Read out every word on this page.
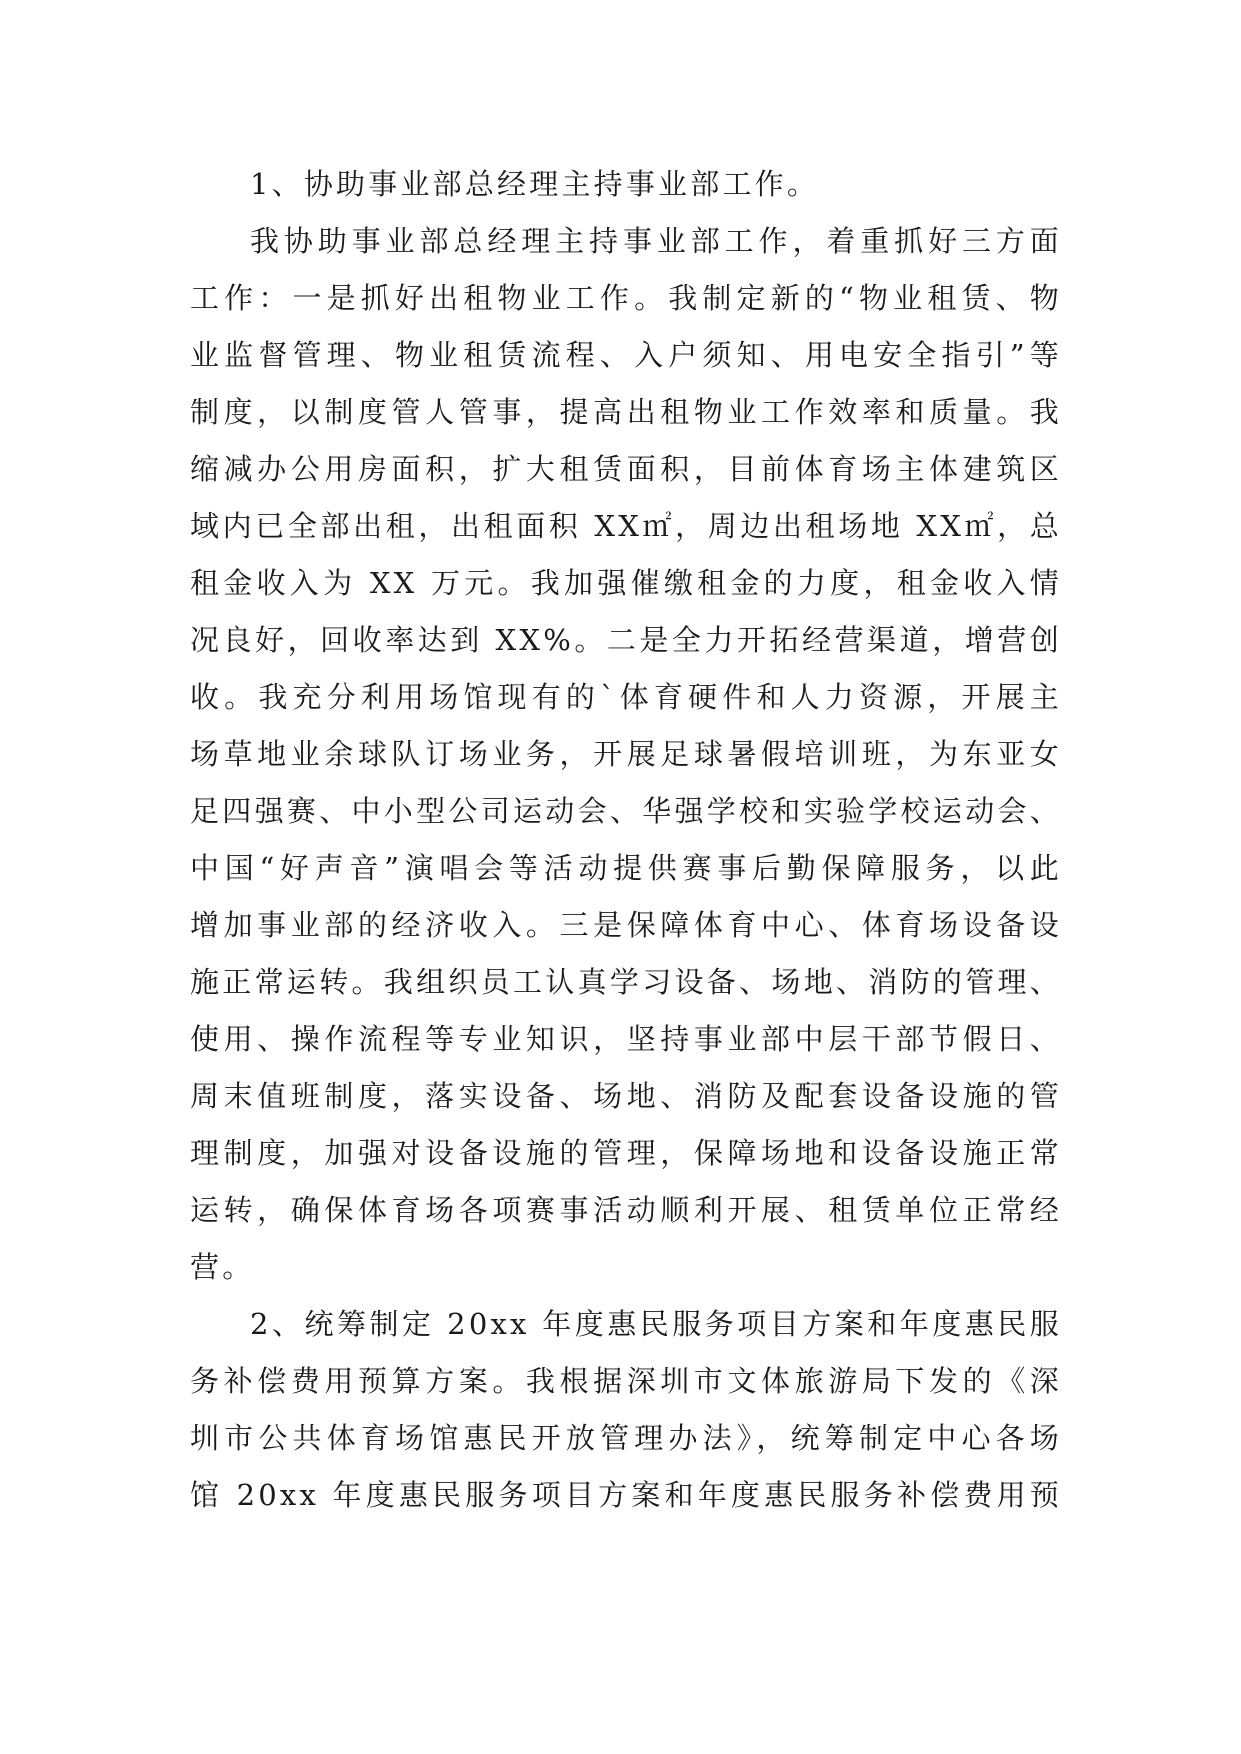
1、协助事业部总经理主持事业部工作。
我协助事业部总经理主持事业部工作，着重抓好三方面
工作：一是抓好出租物业工作。我制定新的“物业租赁、物
业监督管理、物业租赁流程、入户须知、用电安全指引”等
制度，以制度管人管事，提高出租物业工作效率和质量。我
缩减办公用房面积，扩大租赁面积，目前体育场主体建筑区
域内已全部出租，出租面积 XX㎡，周边出租场地 XX㎡，总
租金收入为 XX 万元。我加强催缴租金的力度，租金收入情
况良好，回收率达到 XX%。二是全力开拓经营渠道，增营创
收。我充分利用场馆现有的`体育硬件和人力资源，开展主
场草地业余球队订场业务，开展足球暑假培训班，为东亚女
足四强赛、中小型公司运动会、华强学校和实验学校运动会、
中国“好声音”演唱会等活动提供赛事后勤保障服务，以此
增加事业部的经济收入。三是保障体育中心、体育场设备设
施正常运转。我组织员工认真学习设备、场地、消防的管理、
使用、操作流程等专业知识，坚持事业部中层干部节假日、
周末值班制度，落实设备、场地、消防及配套设备设施的管
理制度，加强对设备设施的管理，保障场地和设备设施正常
运转，确保体育场各项赛事活动顺利开展、租赁单位正常经
营。
2、统筹制定 20xx 年度惠民服务项目方案和年度惠民服
务补偿费用预算方案。我根据深圳市文体旅游局下发的《深
圳市公共体育场馆惠民开放管理办法》，统筹制定中心各场
馆 20xx 年度惠民服务项目方案和年度惠民服务补偿费用预
